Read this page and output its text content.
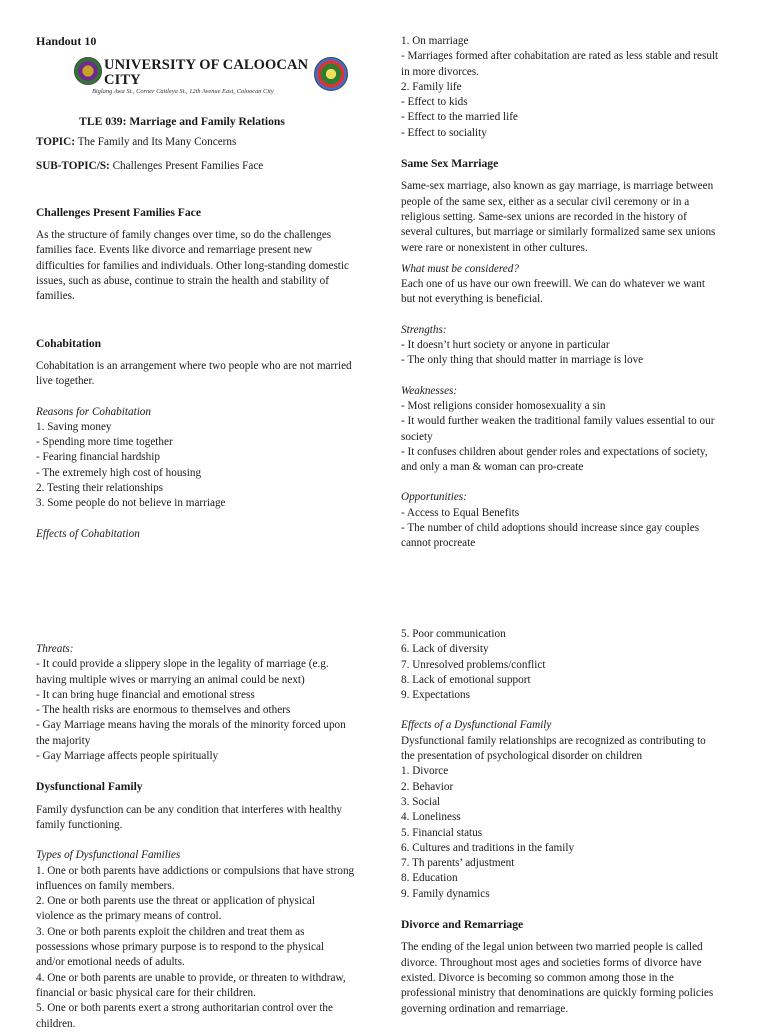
Handout 10

UNIVERSITY OF CALOOCAN CITY
Biglang Awa St., Corner Cattleya St., 12th Avenue East, Caloocan City

TLE 039: Marriage and Family Relations

TOPIC: The Family and Its Many Concerns

SUB-TOPIC/S: Challenges Present Families Face

Challenges Present Families Face

As the structure of family changes over time, so do the challenges

families face. Events like divorce and remarriage present new

difficulties for families and individuals. Other long-standing domestic

issues, such as abuse, continue to strain the health and stability of

families.

Cohabitation

Cohabitation is an arrangement where two people who are not married

live together.

Reasons for Cohabitation

1. Saving money

- Spending more time together

- Fearing financial hardship

- The extremely high cost of housing

2. Testing their relationships

3. Some people do not believe in marriage

Effects of Cohabitation

1. On marriage

- Marriages formed after cohabitation are rated as less stable and result

in more divorces.

2. Family life

- Effect to kids

- Effect to the married life

- Effect to sociality

Same Sex Marriage

Same-sex marriage, also known as gay marriage, is marriage between

people of the same sex, either as a secular civil ceremony or in a

religious setting. Same-sex unions are recorded in the history of

several cultures, but marriage or similarly formalized same sex unions

were rare or nonexistent in other cultures.

What must be considered?

Each one of us have our own freewill. We can do whatever we want

but not everything is beneficial.

Strengths:

- It doesn’t hurt society or anyone in particular

- The only thing that should matter in marriage is love

Weaknesses:

- Most religions consider homosexuality a sin

- It would further weaken the traditional family values essential to our

society

- It confuses children about gender roles and expectations of society,

and only a man & woman can pro-create

Opportunities:

- Access to Equal Benefits

- The number of child adoptions should increase since gay couples

cannot procreate

Threats:

- It could provide a slippery slope in the legality of marriage (e.g.

having multiple wives or marrying an animal could be next)

- It can bring huge financial and emotional stress

- The health risks are enormous to themselves and others

- Gay Marriage means having the morals of the minority forced upon

the majority

- Gay Marriage affects people spiritually

Dysfunctional Family

Family dysfunction can be any condition that interferes with healthy

family functioning.

Types of Dysfunctional Families

1. One or both parents have addictions or compulsions that have strong

influences on family members.

2. One or both parents use the threat or application of physical

violence as the primary means of control.

3. One or both parents exploit the children and treat them as

possessions whose primary purpose is to respond to the physical

and/or emotional needs of adults.

4. One or both parents are unable to provide, or threaten to withdraw,

financial or basic physical care for their children.

5. One or both parents exert a strong authoritarian control over the

children.

5. Poor communication

6. Lack of diversity

7. Unresolved problems/conflict

8. Lack of emotional support

9. Expectations

Effects of a Dysfunctional Family

Dysfunctional family relationships are recognized as contributing to

the presentation of psychological disorder on children

1. Divorce

2. Behavior

3. Social

4. Loneliness

5. Financial status

6. Cultures and traditions in the family

7. Th parents’ adjustment

8. Education

9. Family dynamics

Divorce and Remarriage

The ending of the legal union between two married people is called

divorce. Throughout most ages and societies forms of divorce have

existed. Divorce is becoming so common among those in the

professional ministry that denominations are quickly forming policies

governing ordination and remarriage.
